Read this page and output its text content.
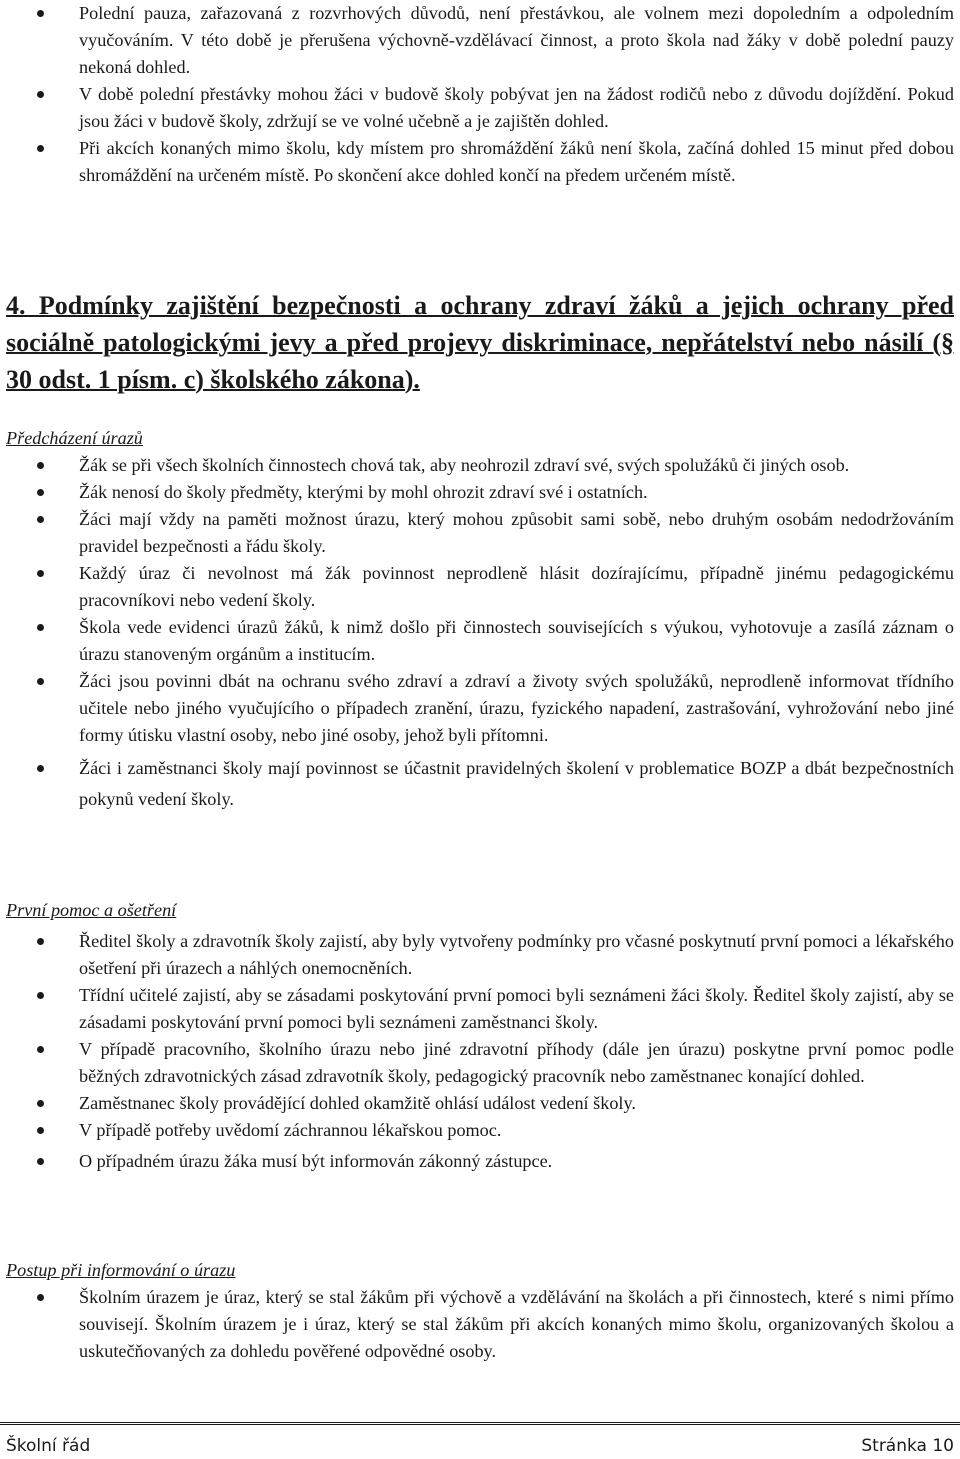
Polední pauza, zařazovaná z rozvrhových důvodů, není přestávkou, ale volnem mezi dopoledním a odpoledním vyučováním. V této době je přerušena výchovně-vzdělávací činnost, a proto škola nad žáky v době polední pauzy nekoná dohled.
V době polední přestávky mohou žáci v budově školy pobývat jen na žádost rodičů nebo z důvodu dojíždění. Pokud jsou žáci v budově školy, zdržují se ve volné učebně a je zajištěn dohled.
Při akcích konaných mimo školu, kdy místem pro shromáždění žáků není škola, začíná dohled 15 minut před dobou shromáždění na určeném místě. Po skončení akce dohled končí na předem určeném místě.
4. Podmínky zajištění bezpečnosti a ochrany zdraví žáků a jejich ochrany před sociálně patologickými jevy a před projevy diskriminace, nepřátelství nebo násilí (§ 30 odst. 1 písm. c) školského zákona).
Předcházení úrazů
Žák se při všech školních činnostech chová tak, aby neohrozil zdraví své, svých spolužáků či jiných osob.
Žák nenosí do školy předměty, kterými by mohl ohrozit zdraví své i ostatních.
Žáci mají vždy na paměti možnost úrazu, který mohou způsobit sami sobě, nebo druhým osobám nedodržováním pravidel bezpečnosti a řádu školy.
Každý úraz či nevolnost má žák povinnost neprodleně hlásit dozírajícímu, případně jinému pedagogickému pracovníkovi nebo vedení školy.
Škola vede evidenci úrazů žáků, k nimž došlo při činnostech souvisejících s výukou, vyhotovuje a zasílá záznam o úrazu stanoveným orgánům a institucím.
Žáci jsou povinni dbát na ochranu svého zdraví a zdraví a životy svých spolužáků, neprodleně informovat třídního učitele nebo jiného vyučujícího o případech zranění, úrazu, fyzického napadení, zastrašování, vyhrožování nebo jiné formy útisku vlastní osoby, nebo jiné osoby, jehož byli přítomni.
Žáci i zaměstnanci školy mají povinnost se účastnit pravidelných školení v problematice BOZP a dbát bezpečnostních pokynů vedení školy.
První pomoc a ošetření
Ředitel školy a zdravotník školy zajistí, aby byly vytvořeny podmínky pro včasné poskytnutí první pomoci a lékařského ošetření při úrazech a náhlých onemocněních.
Třídní učitelé zajistí, aby se zásadami poskytování první pomoci byli seznámeni žáci školy. Ředitel školy zajistí, aby se zásadami poskytování první pomoci byli seznámeni zaměstnanci školy.
V případě pracovního, školního úrazu nebo jiné zdravotní příhody (dále jen úrazu) poskytne první pomoc podle běžných zdravotnických zásad zdravotník školy, pedagogický pracovník nebo zaměstnanec konající dohled.
Zaměstnanec školy provádějící dohled okamžitě ohlásí událost vedení školy.
V případě potřeby uvědomí záchrannou lékařskou pomoc.
O případném úrazu žáka musí být informován zákonný zástupce.
Postup při informování o úrazu
Školním úrazem je úraz, který se stal žákům při výchově a vzdělávání na školách a při činnostech, které s nimi přímo souvisejí. Školním úrazem je i úraz, který se stal žákům při akcích konaných mimo školu, organizovaných školou a uskutečňovaných za dohledu pověřené odpovědné osoby.
Školní řád	Stránka 10
